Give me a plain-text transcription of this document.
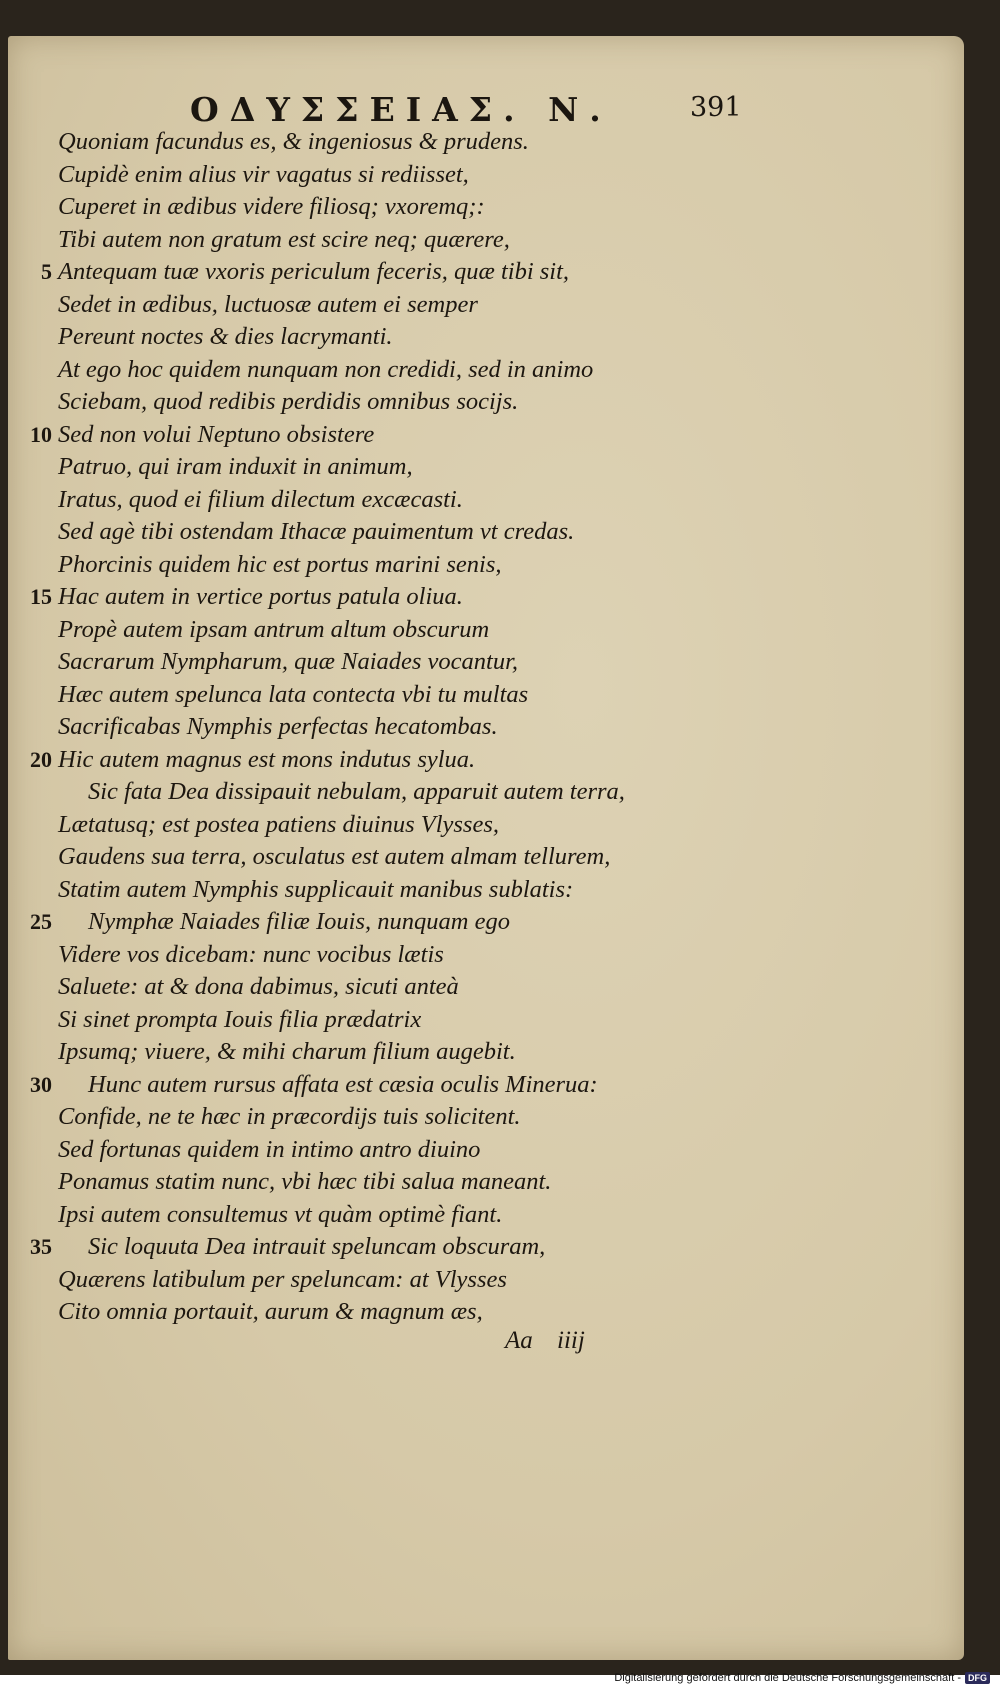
ΟΔΥΣΣΕΙΑΣ. Ν.	391
Quoniam facundus es, & ingeniosus & prudens.
Cupidè enim alius vir vagatus si rediisset,
Cuperet in ædibus videre filiosq; vxoremq;:
Tibi autem non gratum est scire neq; quærere,
5 Antequam tuæ vxoris periculum feceris, quæ tibi sit,
Sedet in ædibus, luctuosæ autem ei semper
Pereunt noctes & dies lacrymanti.
At ego hoc quidem nunquam non credidi, sed in animo
Sciebam, quod redibis perdidis omnibus socijs.
10 Sed non volui Neptuno obsistere
Patruo, qui iram induxit in animum,
Iratus, quod ei filium dilectum excæcasti.
Sed agè tibi ostendam Ithacæ pauimentum vt credas.
Phorcinis quidem hic est portus marini senis,
15 Hac autem in vertice portus patula oliua.
Propè autem ipsam antrum altum obscurum
Sacrarum Nympharum, quæ Naiades vocantur,
Hæc autem spelunca lata contecta vbi tu multas
Sacrificabas Nymphis perfectas hecatombas.
20 Hic autem magnus est mons indutus sylua.
Sic fata Dea dissipauit nebulam, apparuit autem terra,
Lætatusq; est postea patiens diuinus Vlysses,
Gaudens sua terra, osculatus est autem almam tellurem,
Statim autem Nymphis supplicauit manibus sublatis:
25 Nymphæ Naiades filiæ Iouis, nunquam ego
Videre vos dicebam: nunc vocibus lætis
Saluete: at & dona dabimus, sicuti anteà
Si sinet prompta Iouis filia prædatrix
Ipsumq; viuere, & mihi charum filium augebit.
30 Hunc autem rursus affata est cæsia oculis Minerua:
Confide, ne te hæc in præcordijs tuis solicitent.
Sed fortunas quidem in intimo antro diuino
Ponamus statim nunc, vbi hæc tibi salua maneant.
Ipsi autem consultemus vt quàm optimè fiant.
35 Sic loquuta Dea intrauit speluncam obscuram,
Quærens latibulum per speluncam: at Vlysses
Cito omnia portauit, aurum & magnum æs,
Aa iiij
Digitalisierung gefördert durch die Deutsche Forschungsgemeinschaft - DFG
